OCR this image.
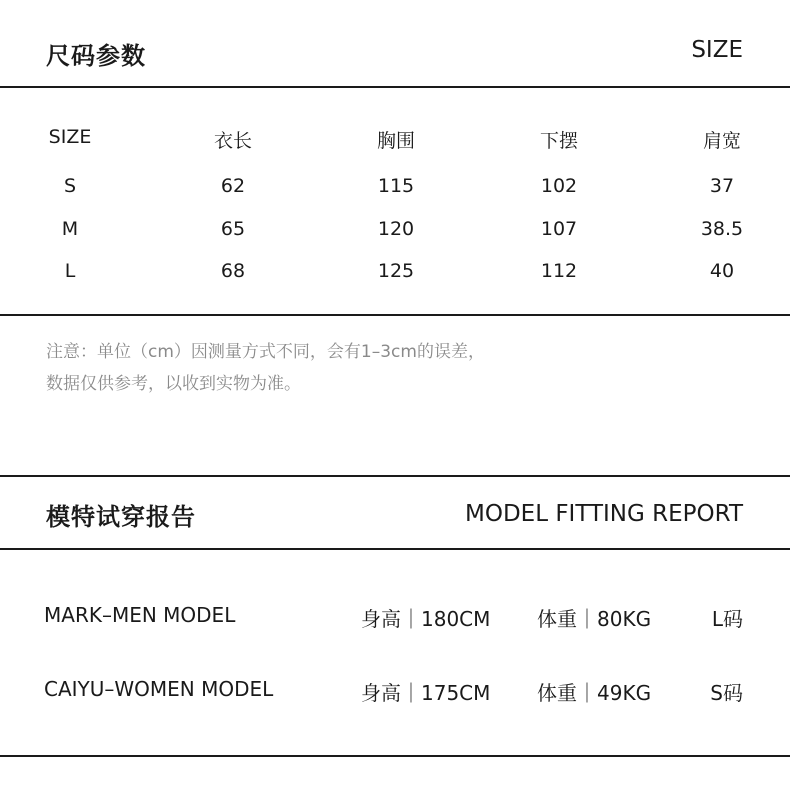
尺码参数	SIZE
SIZE	衣长	胸围	下摆	肩宽
S	62	115	102	37
M	65	120	107	38.5
L	68	125	112	40
注意：单位（cm）因测量方式不同，会有1–3cm的误差，
数据仅供参考，以收到实物为准。
模特试穿报告	MODEL FITTING REPORT
MARK–MEN MODEL	身高｜180CM 体重｜80KG	L码
CAIYU–WOMEN MODEL	身高｜175CM 体重｜49KG	S码
